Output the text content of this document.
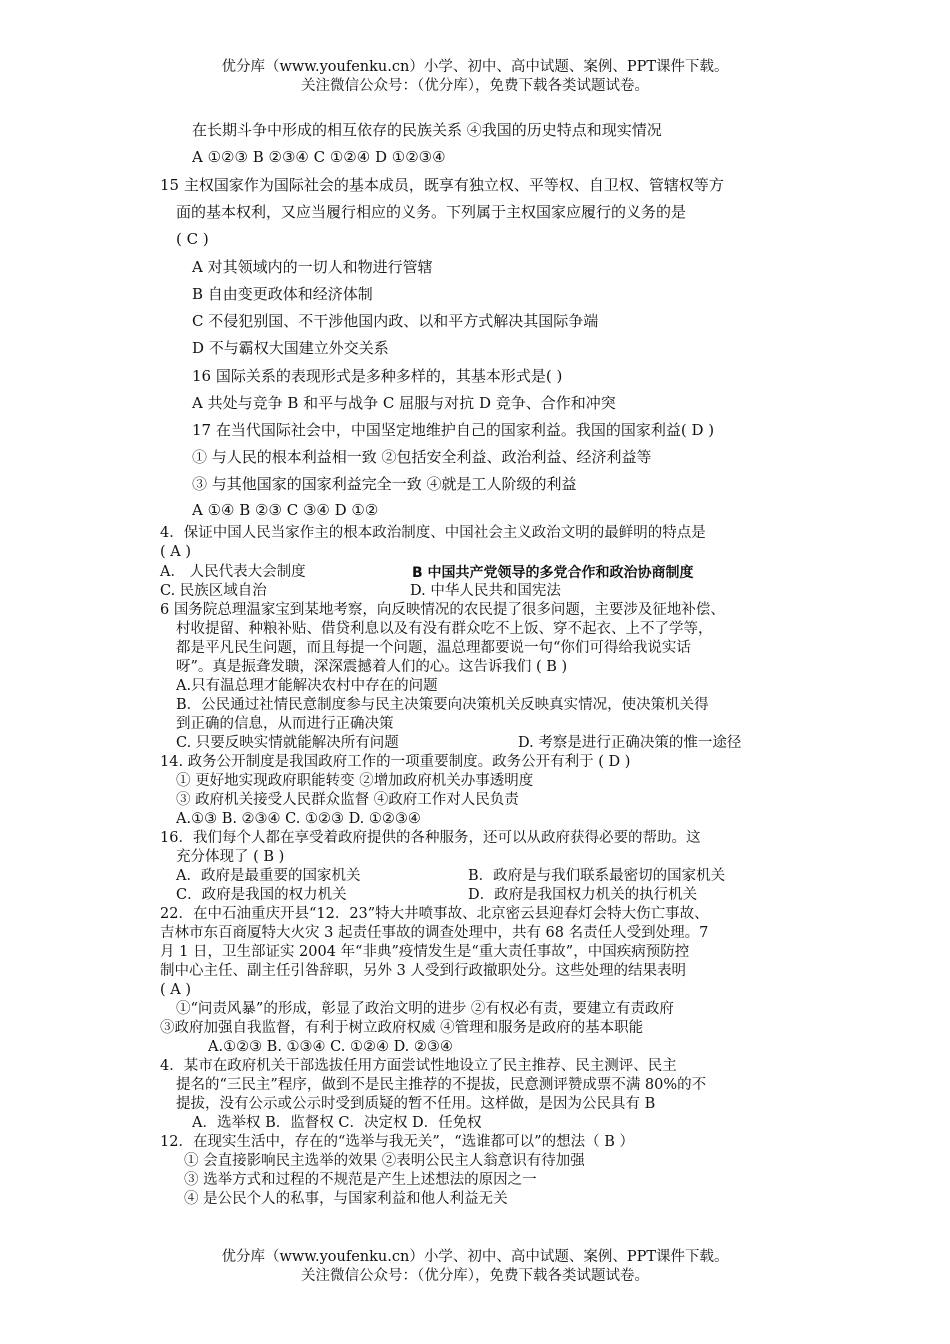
优分库（www.youfenku.cn）小学、初中、高中试题、案例、PPT课件下载。
关注微信公众号：（优分库），免费下载各类试题试卷。
在长期斗争中形成的相互依存的民族关系 ④我国的历史特点和现实情况
A ①②③ B ②③④ C ①②④ D ①②③④
15 主权国家作为国际社会的基本成员，既享有独立权、平等权、自卫权、管辖权等方
面的基本权利，又应当履行相应的义务。下列属于主权国家应履行的义务的是
( C )
A 对其领域内的一切人和物进行管辖
B 自由变更政体和经济体制
C 不侵犯别国、不干涉他国内政、以和平方式解决其国际争端
D 不与霸权大国建立外交关系
16 国际关系的表现形式是多种多样的，其基本形式是( )
A 共处与竞争 B 和平与战争 C 屈服与对抗 D 竞争、合作和冲突
17 在当代国际社会中，中国坚定地维护自己的国家利益。我国的国家利益( D )
① 与人民的根本利益相一致 ②包括安全利益、政治利益、经济利益等
③ 与其他国家的国家利益完全一致 ④就是工人阶级的利益
A ①④ B ②③ C ③④ D ①②
4．保证中国人民当家作主的根本政治制度、中国社会主义政治文明的最鲜明的特点是
( A )
A． 人民代表大会制度	B 中国共产党领导的多党合作和政治协商制度
C. 民族区域自治	D. 中华人民共和国宪法
6 国务院总理温家宝到某地考察，向反映情况的农民提了很多问题，主要涉及征地补偿、
村收提留、种粮补贴、借贷利息以及有没有群众吃不上饭、穿不起衣、上不了学等，
都是平凡民生问题，而且每提一个问题，温总理都要说一句“你们可得给我说实话
呀”。真是振聋发聩，深深震撼着人们的心。这告诉我们 ( B )
A.只有温总理才能解决农村中存在的问题
B．公民通过社情民意制度参与民主决策要向决策机关反映真实情况，使决策机关得
到正确的信息，从而进行正确决策
C. 只要反映实情就能解决所有问题	D. 考察是进行正确决策的惟一途径
14. 政务公开制度是我国政府工作的一项重要制度。政务公开有利于 ( D )
① 更好地实现政府职能转变 ②增加政府机关办事透明度
③ 政府机关接受人民群众监督 ④政府工作对人民负责
A.①③ B. ②③④ C. ①②③ D. ①②③④
16．我们每个人都在享受着政府提供的各种服务，还可以从政府获得必要的帮助。这
充分体现了 ( B )
A．政府是最重要的国家机关	B．政府是与我们联系最密切的国家机关
C．政府是我国的权力机关	D．政府是我国权力机关的执行机关
22．在中石油重庆开县“12．23”特大井喷事故、北京密云县迎春灯会特大伤亡事故、
吉林市东百商厦特大火灾 3 起责任事故的调查处理中，共有 68 名责任人受到处理。7
月 1 日，卫生部证实 2004 年“非典”疫情发生是“重大责任事故”，中国疾病预防控
制中心主任、副主任引咎辞职，另外 3 人受到行政撤职处分。这些处理的结果表明
( A )
①“问责风暴”的形成，彰显了政治文明的进步 ②有权必有责，要建立有责政府
③政府加强自我监督，有利于树立政府权威 ④管理和服务是政府的基本职能
A.①②③ B. ①③④ C. ①②④ D. ②③④
4．某市在政府机关干部选拔任用方面尝试性地设立了民主推荐、民主测评、民主
提名的“三民主”程序，做到不是民主推荐的不提拔，民意测评赞成票不满 80%的不
提拔，没有公示或公示时受到质疑的暂不任用。这样做，是因为公民具有 B
A．选举权 B．监督权 C．决定权 D．任免权
12．在现实生活中，存在的“选举与我无关”，“选谁都可以”的想法（ B ）
① 会直接影响民主选举的效果 ②表明公民主人翁意识有待加强
③ 选举方式和过程的不规范是产生上述想法的原因之一
④ 是公民个人的私事，与国家利益和他人利益无关
优分库（www.youfenku.cn）小学、初中、高中试题、案例、PPT课件下载。
关注微信公众号：（优分库），免费下载各类试题试卷。
